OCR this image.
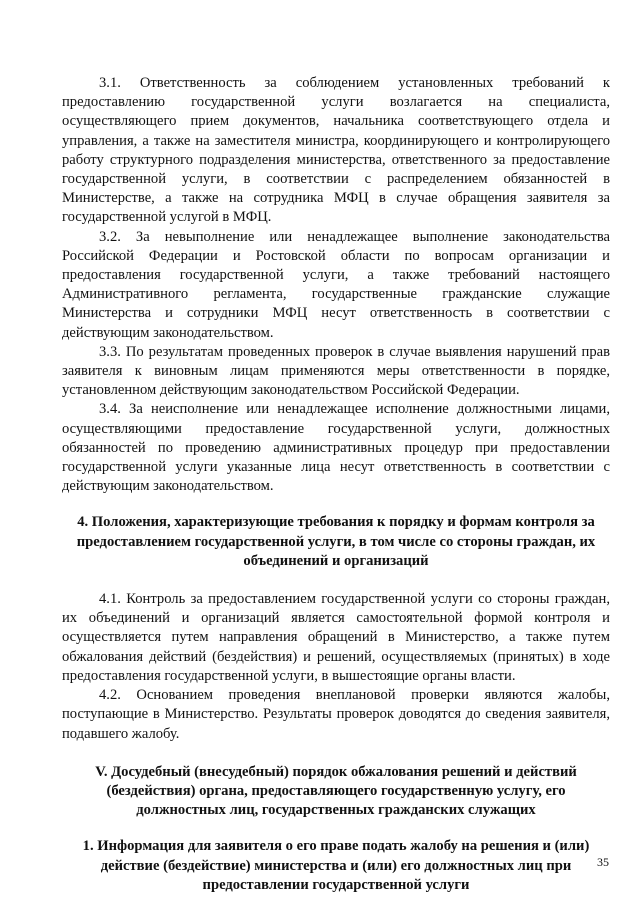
3.1. Ответственность за соблюдением установленных требований к предоставлению государственной услуги возлагается на специалиста, осуществляющего прием документов, начальника соответствующего отдела и управления, а также на заместителя министра, координирующего и контролирующего работу структурного подразделения министерства, ответственного за предоставление государственной услуги, в соответствии с распределением обязанностей в Министерстве, а также на сотрудника МФЦ в случае обращения заявителя за государственной услугой в МФЦ.

3.2. За невыполнение или ненадлежащее выполнение законодательства Российской Федерации и Ростовской области по вопросам организации и предоставления государственной услуги, а также требований настоящего Административного регламента, государственные гражданские служащие Министерства и сотрудники МФЦ несут ответственность в соответствии с действующим законодательством.

3.3. По результатам проведенных проверок в случае выявления нарушений прав заявителя к виновным лицам применяются меры ответственности в порядке, установленном действующим законодательством Российской Федерации.

3.4. За неисполнение или ненадлежащее исполнение должностными лицами, осуществляющими предоставление государственной услуги, должностных обязанностей по проведению административных процедур при предоставлении государственной услуги указанные лица несут ответственность в соответствии с действующим законодательством.

4. Положения, характеризующие требования к порядку и формам контроля за предоставлением государственной услуги, в том числе со стороны граждан, их объединений и организаций

4.1. Контроль за предоставлением государственной услуги со стороны граждан, их объединений и организаций является самостоятельной формой контроля и осуществляется путем направления обращений в Министерство, а также путем обжалования действий (бездействия) и решений, осуществляемых (принятых) в ходе предоставления государственной услуги, в вышестоящие органы власти.

4.2. Основанием проведения внеплановой проверки являются жалобы, поступающие в Министерство. Результаты проверок доводятся до сведения заявителя, подавшего жалобу.

V. Досудебный (внесудебный) порядок обжалования решений и действий (бездействия) органа, предоставляющего государственную услугу, его должностных лиц, государственных гражданских служащих

1. Информация для заявителя о его праве подать жалобу на решения и (или) действие (бездействие) министерства и (или) его должностных лиц при предоставлении государственной услуги

35
